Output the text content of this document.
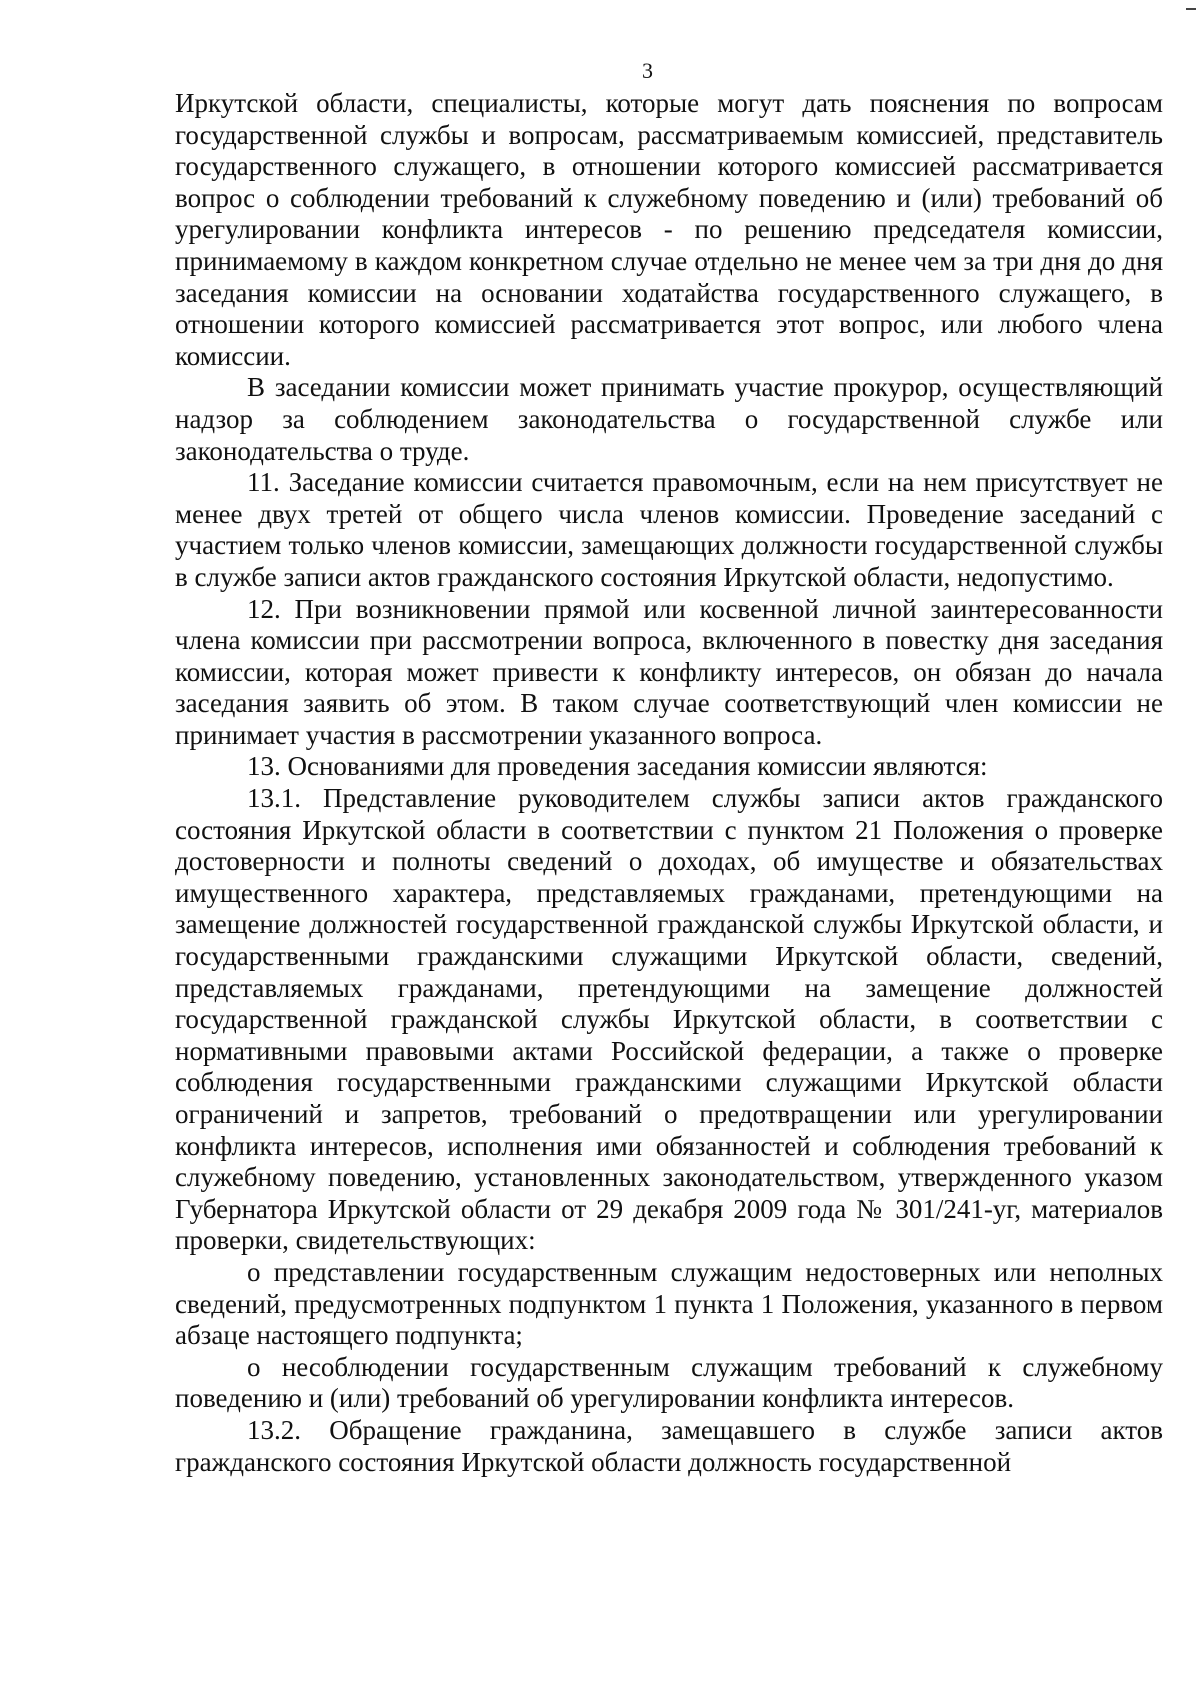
3

Иркутской области, специалисты, которые могут дать пояснения по вопросам государственной службы и вопросам, рассматриваемым комиссией, представитель государственного служащего, в отношении которого комиссией рассматривается вопрос о соблюдении требований к служебному поведению и (или) требований об урегулировании конфликта интересов - по решению председателя комиссии, принимаемому в каждом конкретном случае отдельно не менее чем за три дня до дня заседания комиссии на основании ходатайства государственного служащего, в отношении которого комиссией рассматривается этот вопрос, или любого члена комиссии.

В заседании комиссии может принимать участие прокурор, осуществляющий надзор за соблюдением законодательства о государственной службе или законодательства о труде.

11. Заседание комиссии считается правомочным, если на нем присутствует не менее двух третей от общего числа членов комиссии. Проведение заседаний с участием только членов комиссии, замещающих должности государственной службы в службе записи актов гражданского состояния Иркутской области, недопустимо.

12. При возникновении прямой или косвенной личной заинтересованности члена комиссии при рассмотрении вопроса, включенного в повестку дня заседания комиссии, которая может привести к конфликту интересов, он обязан до начала заседания заявить об этом. В таком случае соответствующий член комиссии не принимает участия в рассмотрении указанного вопроса.

13. Основаниями для проведения заседания комиссии являются:

13.1. Представление руководителем службы записи актов гражданского состояния Иркутской области в соответствии с пунктом 21 Положения о проверке достоверности и полноты сведений о доходах, об имуществе и обязательствах имущественного характера, представляемых гражданами, претендующими на замещение должностей государственной гражданской службы Иркутской области, и государственными гражданскими служащими Иркутской области, сведений, представляемых гражданами, претендующими на замещение должностей государственной гражданской службы Иркутской области, в соответствии с нормативными правовыми актами Российской федерации, а также о проверке соблюдения государственными гражданскими служащими Иркутской области ограничений и запретов, требований о предотвращении или урегулировании конфликта интересов, исполнения ими обязанностей и соблюдения требований к служебному поведению, установленных законодательством, утвержденного указом Губернатора Иркутской области от 29 декабря 2009 года № 301/241-уг, материалов проверки, свидетельствующих:

о представлении государственным служащим недостоверных или неполных сведений, предусмотренных подпунктом 1 пункта 1 Положения, указанного в первом абзаце настоящего подпункта;

о несоблюдении государственным служащим требований к служебному поведению и (или) требований об урегулировании конфликта интересов.

13.2. Обращение гражданина, замещавшего в службе записи актов гражданского состояния Иркутской области должность государственной
